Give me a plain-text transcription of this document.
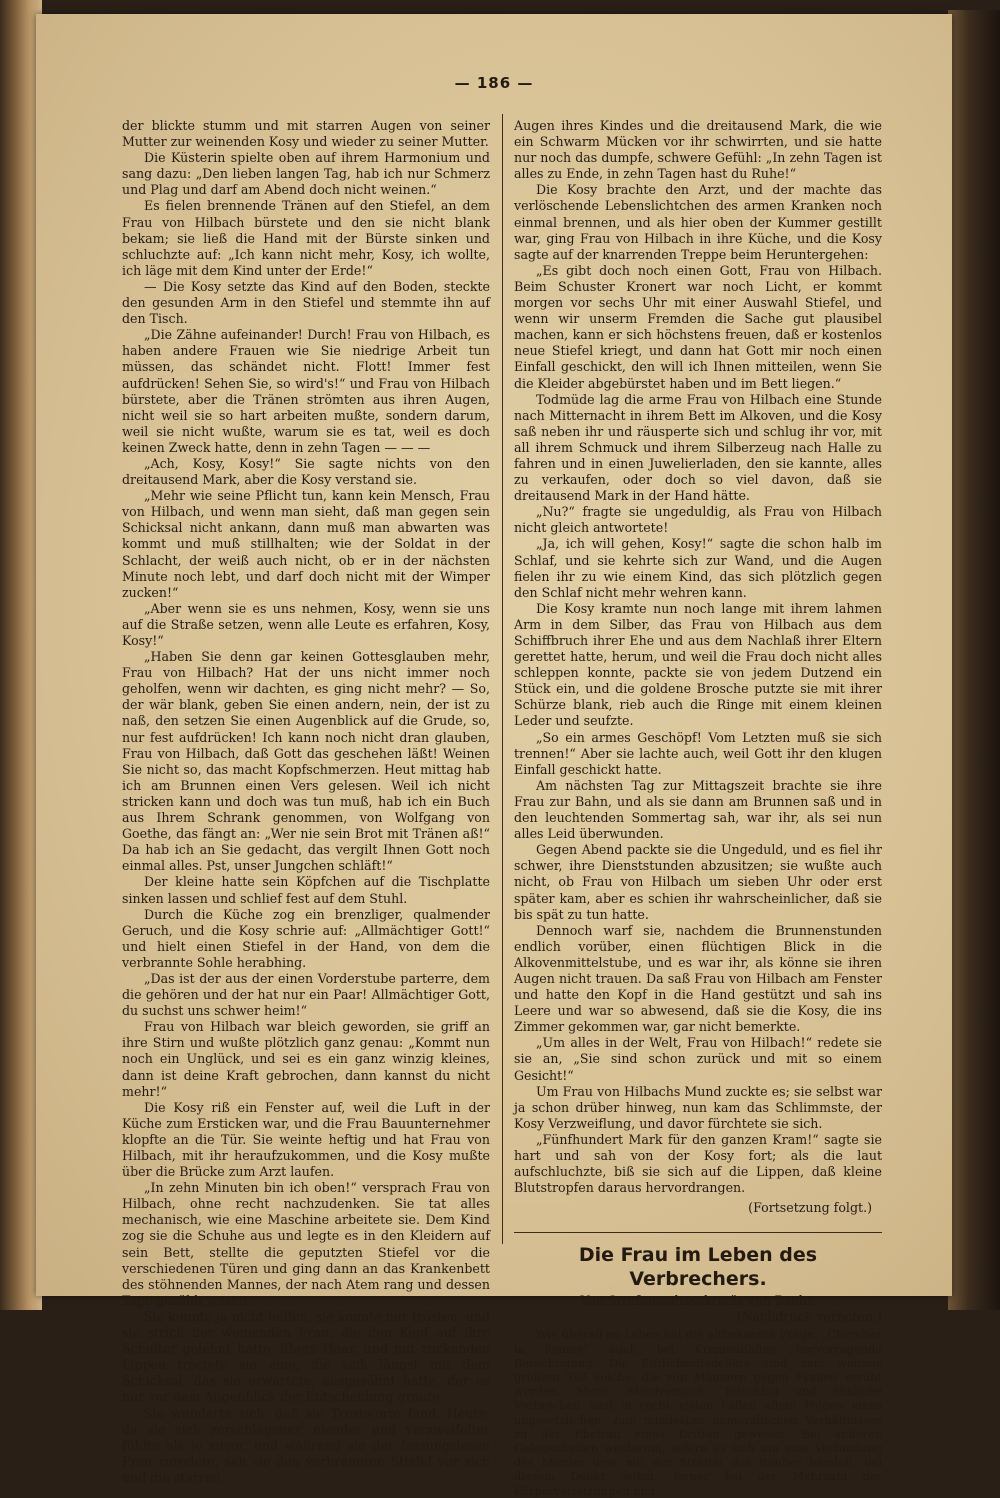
— 186 —

der blickte stumm und mit starren Augen von seiner Mutter zur weinenden Kosy und wieder zu seiner Mutter.

Die Küsterin spielte oben auf ihrem Harmonium und sang dazu: „Den lieben langen Tag, hab ich nur Schmerz und Plag und darf am Abend doch nicht weinen.“

Es fielen brennende Tränen auf den Stiefel, an dem Frau von Hilbach bürstete und den sie nicht blank bekam; sie ließ die Hand mit der Bürste sinken und schluchzte auf: „Ich kann nicht mehr, Kosy, ich wollte, ich läge mit dem Kind unter der Erde!“

— Die Kosy setzte das Kind auf den Boden, steckte den gesunden Arm in den Stiefel und stemmte ihn auf den Tisch.

„Die Zähne aufeinander! Durch! Frau von Hilbach, es haben andere Frauen wie Sie niedrige Arbeit tun müssen, das schändet nicht. Flott! Immer fest aufdrücken! Sehen Sie, so wird's!“ und Frau von Hilbach bürstete, aber die Tränen strömten aus ihren Augen, nicht weil sie so hart arbeiten mußte, sondern darum, weil sie nicht wußte, warum sie es tat, weil es doch keinen Zweck hatte, denn in zehn Tagen — — —

„Ach, Kosy, Kosy!“ Sie sagte nichts von den dreitausend Mark, aber die Kosy verstand sie.

„Mehr wie seine Pflicht tun, kann kein Mensch, Frau von Hilbach, und wenn man sieht, daß man gegen sein Schicksal nicht ankann, dann muß man abwarten was kommt und muß stillhalten; wie der Soldat in der Schlacht, der weiß auch nicht, ob er in der nächsten Minute noch lebt, und darf doch nicht mit der Wimper zucken!“

„Aber wenn sie es uns nehmen, Kosy, wenn sie uns auf die Straße setzen, wenn alle Leute es erfahren, Kosy, Kosy!“

„Haben Sie denn gar keinen Gottesglauben mehr, Frau von Hilbach? Hat der uns nicht immer noch geholfen, wenn wir dachten, es ging nicht mehr? — So, der wär blank, geben Sie einen andern, nein, der ist zu naß, den setzen Sie einen Augenblick auf die Grude, so, nur fest aufdrücken! Ich kann noch nicht dran glauben, Frau von Hilbach, daß Gott das geschehen läßt! Weinen Sie nicht so, das macht Kopfschmerzen. Heut mittag hab ich am Brunnen einen Vers gelesen. Weil ich nicht stricken kann und doch was tun muß, hab ich ein Buch aus Ihrem Schrank genommen, von Wolfgang von Goethe, das fängt an: „Wer nie sein Brot mit Tränen aß!“ Da hab ich an Sie gedacht, das vergilt Ihnen Gott noch einmal alles. Pst, unser Jungchen schläft!“

Der kleine hatte sein Köpfchen auf die Tischplatte sinken lassen und schlief fest auf dem Stuhl.

Durch die Küche zog ein brenzliger, qualmender Geruch, und die Kosy schrie auf: „Allmächtiger Gott!“ und hielt einen Stiefel in der Hand, von dem die verbrannte Sohle herabhing.

„Das ist der aus der einen Vorderstube parterre, dem die gehören und der hat nur ein Paar! Allmächtiger Gott, du suchst uns schwer heim!“

Frau von Hilbach war bleich geworden, sie griff an ihre Stirn und wußte plötzlich ganz genau: „Kommt nun noch ein Unglück, und sei es ein ganz winzig kleines, dann ist deine Kraft gebrochen, dann kannst du nicht mehr!“

Die Kosy riß ein Fenster auf, weil die Luft in der Küche zum Ersticken war, und die Frau Bauunternehmer klopfte an die Tür. Sie weinte heftig und hat Frau von Hilbach, mit ihr heraufzukommen, und die Kosy mußte über die Brücke zum Arzt laufen.

„In zehn Minuten bin ich oben!“ versprach Frau von Hilbach, ohne recht nachzudenken. Sie tat alles mechanisch, wie eine Maschine arbeitete sie. Dem Kind zog sie die Schuhe aus und legte es in den Kleidern auf sein Bett, stellte die geputzten Stiefel vor die verschiedenen Türen und ging dann an das Krankenbett des stöhnenden Mannes, der nach Atem rang und dessen Tage gezählt waren.

Sie konnte ja nicht helfen, sie konnte nur trösten, und sie strich der weinenden Frau, die den Kopf auf ihre Schulter gelehnt hatte, übers Haar, und mit zuckenden Lippen tröstete sie eine, die sich längst mit dem Schicksal, das sie erwartete, ausgesöhnt hatte, der es nur vor dem Augenblick der Entscheidung graute.

Sie wunderte sich, daß sie Trostworte fand. Heute, da sie sich zerschlagener, elender und verzweifelter fühlte als je zuvor, und während sie der fassungslosen Frau zuredete, sah sie den verbrannten Stiefel vor sich und die starren

Augen ihres Kindes und die dreitausend Mark, die wie ein Schwarm Mücken vor ihr schwirrten, und sie hatte nur noch das dumpfe, schwere Gefühl: „In zehn Tagen ist alles zu Ende, in zehn Tagen hast du Ruhe!“

Die Kosy brachte den Arzt, und der machte das verlöschende Lebenslichtchen des armen Kranken noch einmal brennen, und als hier oben der Kummer gestillt war, ging Frau von Hilbach in ihre Küche, und die Kosy sagte auf der knarrenden Treppe beim Heruntergehen:

„Es gibt doch noch einen Gott, Frau von Hilbach. Beim Schuster Kronert war noch Licht, er kommt morgen vor sechs Uhr mit einer Auswahl Stiefel, und wenn wir unserm Fremden die Sache gut plausibel machen, kann er sich höchstens freuen, daß er kostenlos neue Stiefel kriegt, und dann hat Gott mir noch einen Einfall geschickt, den will ich Ihnen mitteilen, wenn Sie die Kleider abgebürstet haben und im Bett liegen.“

Todmüde lag die arme Frau von Hilbach eine Stunde nach Mitternacht in ihrem Bett im Alkoven, und die Kosy saß neben ihr und räusperte sich und schlug ihr vor, mit all ihrem Schmuck und ihrem Silberzeug nach Halle zu fahren und in einen Juwelierladen, den sie kannte, alles zu verkaufen, oder doch so viel davon, daß sie dreitausend Mark in der Hand hätte.

„Nu?“ fragte sie ungeduldig, als Frau von Hilbach nicht gleich antwortete!

„Ja, ich will gehen, Kosy!“ sagte die schon halb im Schlaf, und sie kehrte sich zur Wand, und die Augen fielen ihr zu wie einem Kind, das sich plötzlich gegen den Schlaf nicht mehr wehren kann.

Die Kosy kramte nun noch lange mit ihrem lahmen Arm in dem Silber, das Frau von Hilbach aus dem Schiffbruch ihrer Ehe und aus dem Nachlaß ihrer Eltern gerettet hatte, herum, und weil die Frau doch nicht alles schleppen konnte, packte sie von jedem Dutzend ein Stück ein, und die goldene Brosche putzte sie mit ihrer Schürze blank, rieb auch die Ringe mit einem kleinen Leder und seufzte.

„So ein armes Geschöpf! Vom Letzten muß sie sich trennen!“ Aber sie lachte auch, weil Gott ihr den klugen Einfall geschickt hatte.

Am nächsten Tag zur Mittagszeit brachte sie ihre Frau zur Bahn, und als sie dann am Brunnen saß und in den leuchtenden Sommertag sah, war ihr, als sei nun alles Leid überwunden.

Gegen Abend packte sie die Ungeduld, und es fiel ihr schwer, ihre Dienststunden abzusitzen; sie wußte auch nicht, ob Frau von Hilbach um sieben Uhr oder erst später kam, aber es schien ihr wahrscheinlicher, daß sie bis spät zu tun hatte.

Dennoch warf sie, nachdem die Brunnenstunden endlich vorüber, einen flüchtigen Blick in die Alkovenmittelstube, und es war ihr, als könne sie ihren Augen nicht trauen. Da saß Frau von Hilbach am Fenster und hatte den Kopf in die Hand gestützt und sah ins Leere und war so abwesend, daß sie die Kosy, die ins Zimmer gekommen war, gar nicht bemerkte.

„Um alles in der Welt, Frau von Hilbach!“ redete sie sie an, „Sie sind schon zurück und mit so einem Gesicht!“

Um Frau von Hilbachs Mund zuckte es; sie selbst war ja schon drüber hinweg, nun kam das Schlimmste, der Kosy Verzweiflung, und davor fürchtete sie sich.

„Fünfhundert Mark für den ganzen Kram!“ sagte sie hart und sah von der Kosy fort; als die laut aufschluchzte, biß sie sich auf die Lippen, daß kleine Blutstropfen daraus hervordrangen.

(Fortsetzung folgt.)
Die Frau im Leben des Verbrechers.
Von Strafanstaltssekretär von Baehr.
(Nachdruck verboten.)

Wie überall im Leben hat die altbekannte Frage: „Cherchez la femme“ auch bei Kriminalfällen hervorragende Berechtigung. Die Sittlichkeitsdelikte sind zum weitaus größten Teil solche, die von Männern gegen Frauen verübt werden. Mord, Mordversuch, Totschlag und ähnliche Verbrechen sind in recht vielen Fällen allein Folgen eines ungesetzlichen, zum mindesten unmoralischen Verhältnisses zu der Ehefrau eines Dritten gewesen. Bei anderen Gelegenheiten wiederum, sofern es sich um eine Verbindung des Mordes usw. mit der Straftat des Raubes handelt, bei diesem Delikt selbst, ferner bei der Mehrzahl der Körperverletzungen und
